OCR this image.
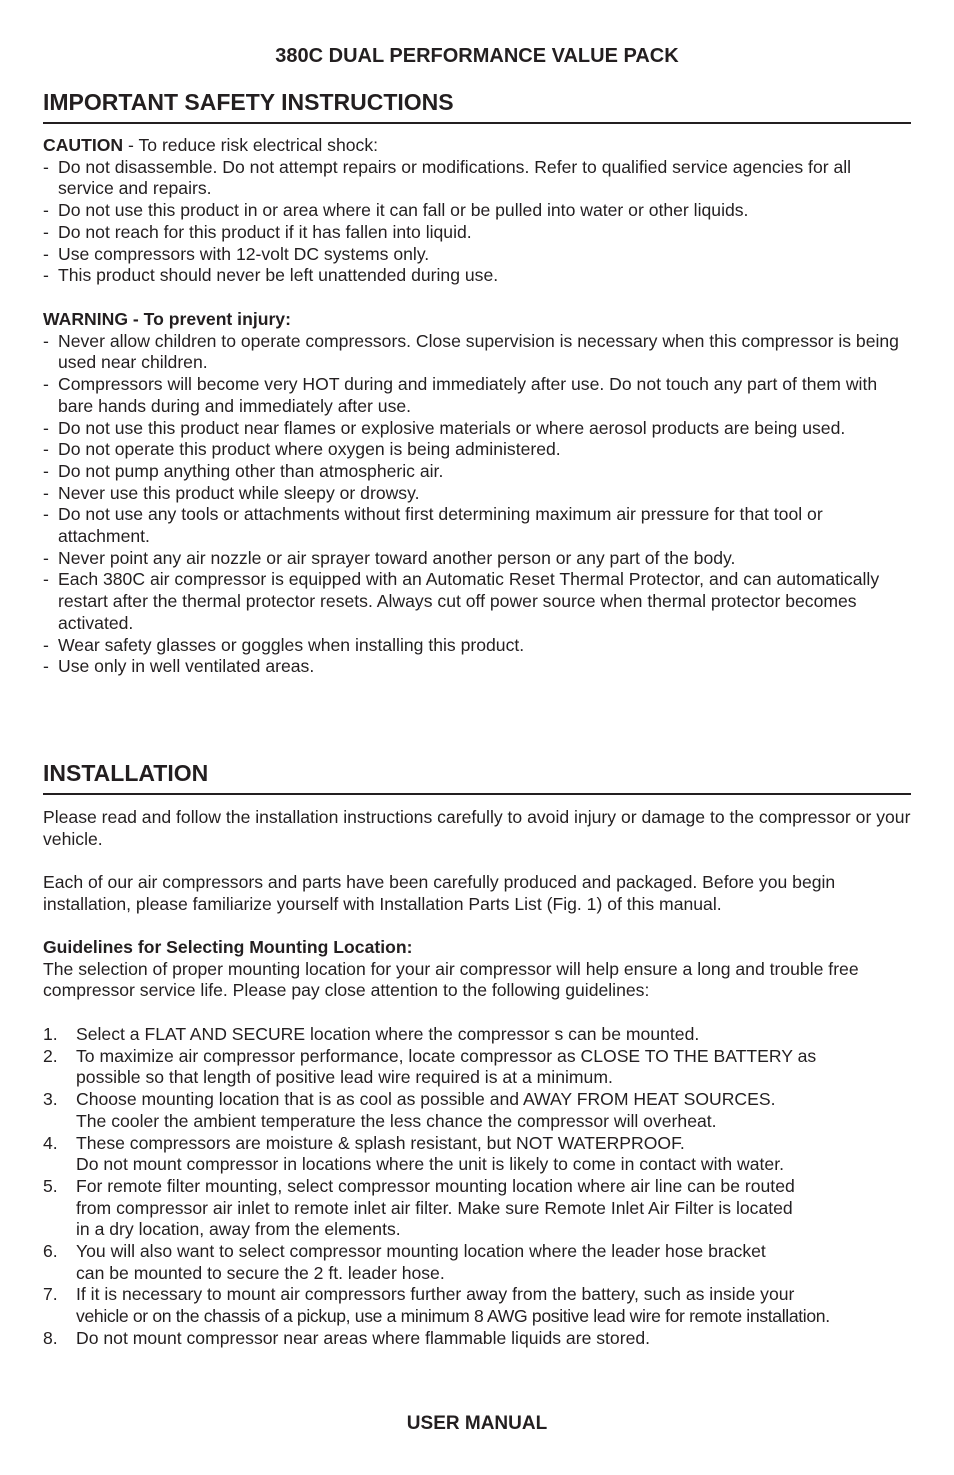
380C DUAL PERFORMANCE VALUE PACK
IMPORTANT SAFETY INSTRUCTIONS

CAUTION - To reduce risk electrical shock:

- Do not disassemble. Do not attempt repairs or modifications. Refer to qualified service agencies for all service and repairs.
- Do not use this product in or area where it can fall or be pulled into water or other liquids.
- Do not reach for this product if it has fallen into liquid.
- Use compressors with 12-volt DC systems only.
- This product should never be left unattended during use.

WARNING - To prevent injury:

- Never allow children to operate compressors. Close supervision is necessary when this compressor is being used near children.
- Compressors will become very HOT during and immediately after use. Do not touch any part of them with bare hands during and immediately after use.
- Do not use this product near flames or explosive materials or where aerosol products are being used.
- Do not operate this product where oxygen is being administered.
- Do not pump anything other than atmospheric air.
- Never use this product while sleepy or drowsy.
- Do not use any tools or attachments without first determining maximum air pressure for that tool or attachment.
- Never point any air nozzle or air sprayer toward another person or any part of the body.
- Each 380C air compressor is equipped with an Automatic Reset Thermal Protector, and can automatically restart after the thermal protector resets. Always cut off power source when thermal protector becomes activated.
- Wear safety glasses or goggles when installing this product.
- Use only in well ventilated areas.
INSTALLATION

Please read and follow the installation instructions carefully to avoid injury or damage to the compressor or your vehicle.

Each of our air compressors and parts have been carefully produced and packaged. Before you begin installation, please familiarize yourself with Installation Parts List (Fig. 1) of this manual.

Guidelines for Selecting Mounting Location:

The selection of proper mounting location for your air compressor will help ensure a long and trouble free compressor service life. Please pay close attention to the following guidelines:

1. Select a FLAT AND SECURE location where the compressor s can be mounted.
2. To maximize air compressor performance, locate compressor as CLOSE TO THE BATTERY as
possible so that length of positive lead wire required is at a minimum.
3. Choose mounting location that is as cool as possible and AWAY FROM HEAT SOURCES.
The cooler the ambient temperature the less chance the compressor will overheat.
4. These compressors are moisture & splash resistant, but NOT WATERPROOF.
Do not mount compressor in locations where the unit is likely to come in contact with water.
5. For remote filter mounting, select compressor mounting location where air line can be routed
from compressor air inlet to remote inlet air filter. Make sure Remote Inlet Air Filter is located
in a dry location, away from the elements.
6. You will also want to select compressor mounting location where the leader hose bracket
can be mounted to secure the 2 ft. leader hose.
7. If it is necessary to mount air compressors further away from the battery, such as inside your
vehicle or on the chassis of a pickup, use a minimum 8 AWG positive lead wire for remote installation.
8. Do not mount compressor near areas where flammable liquids are stored.
USER MANUAL
